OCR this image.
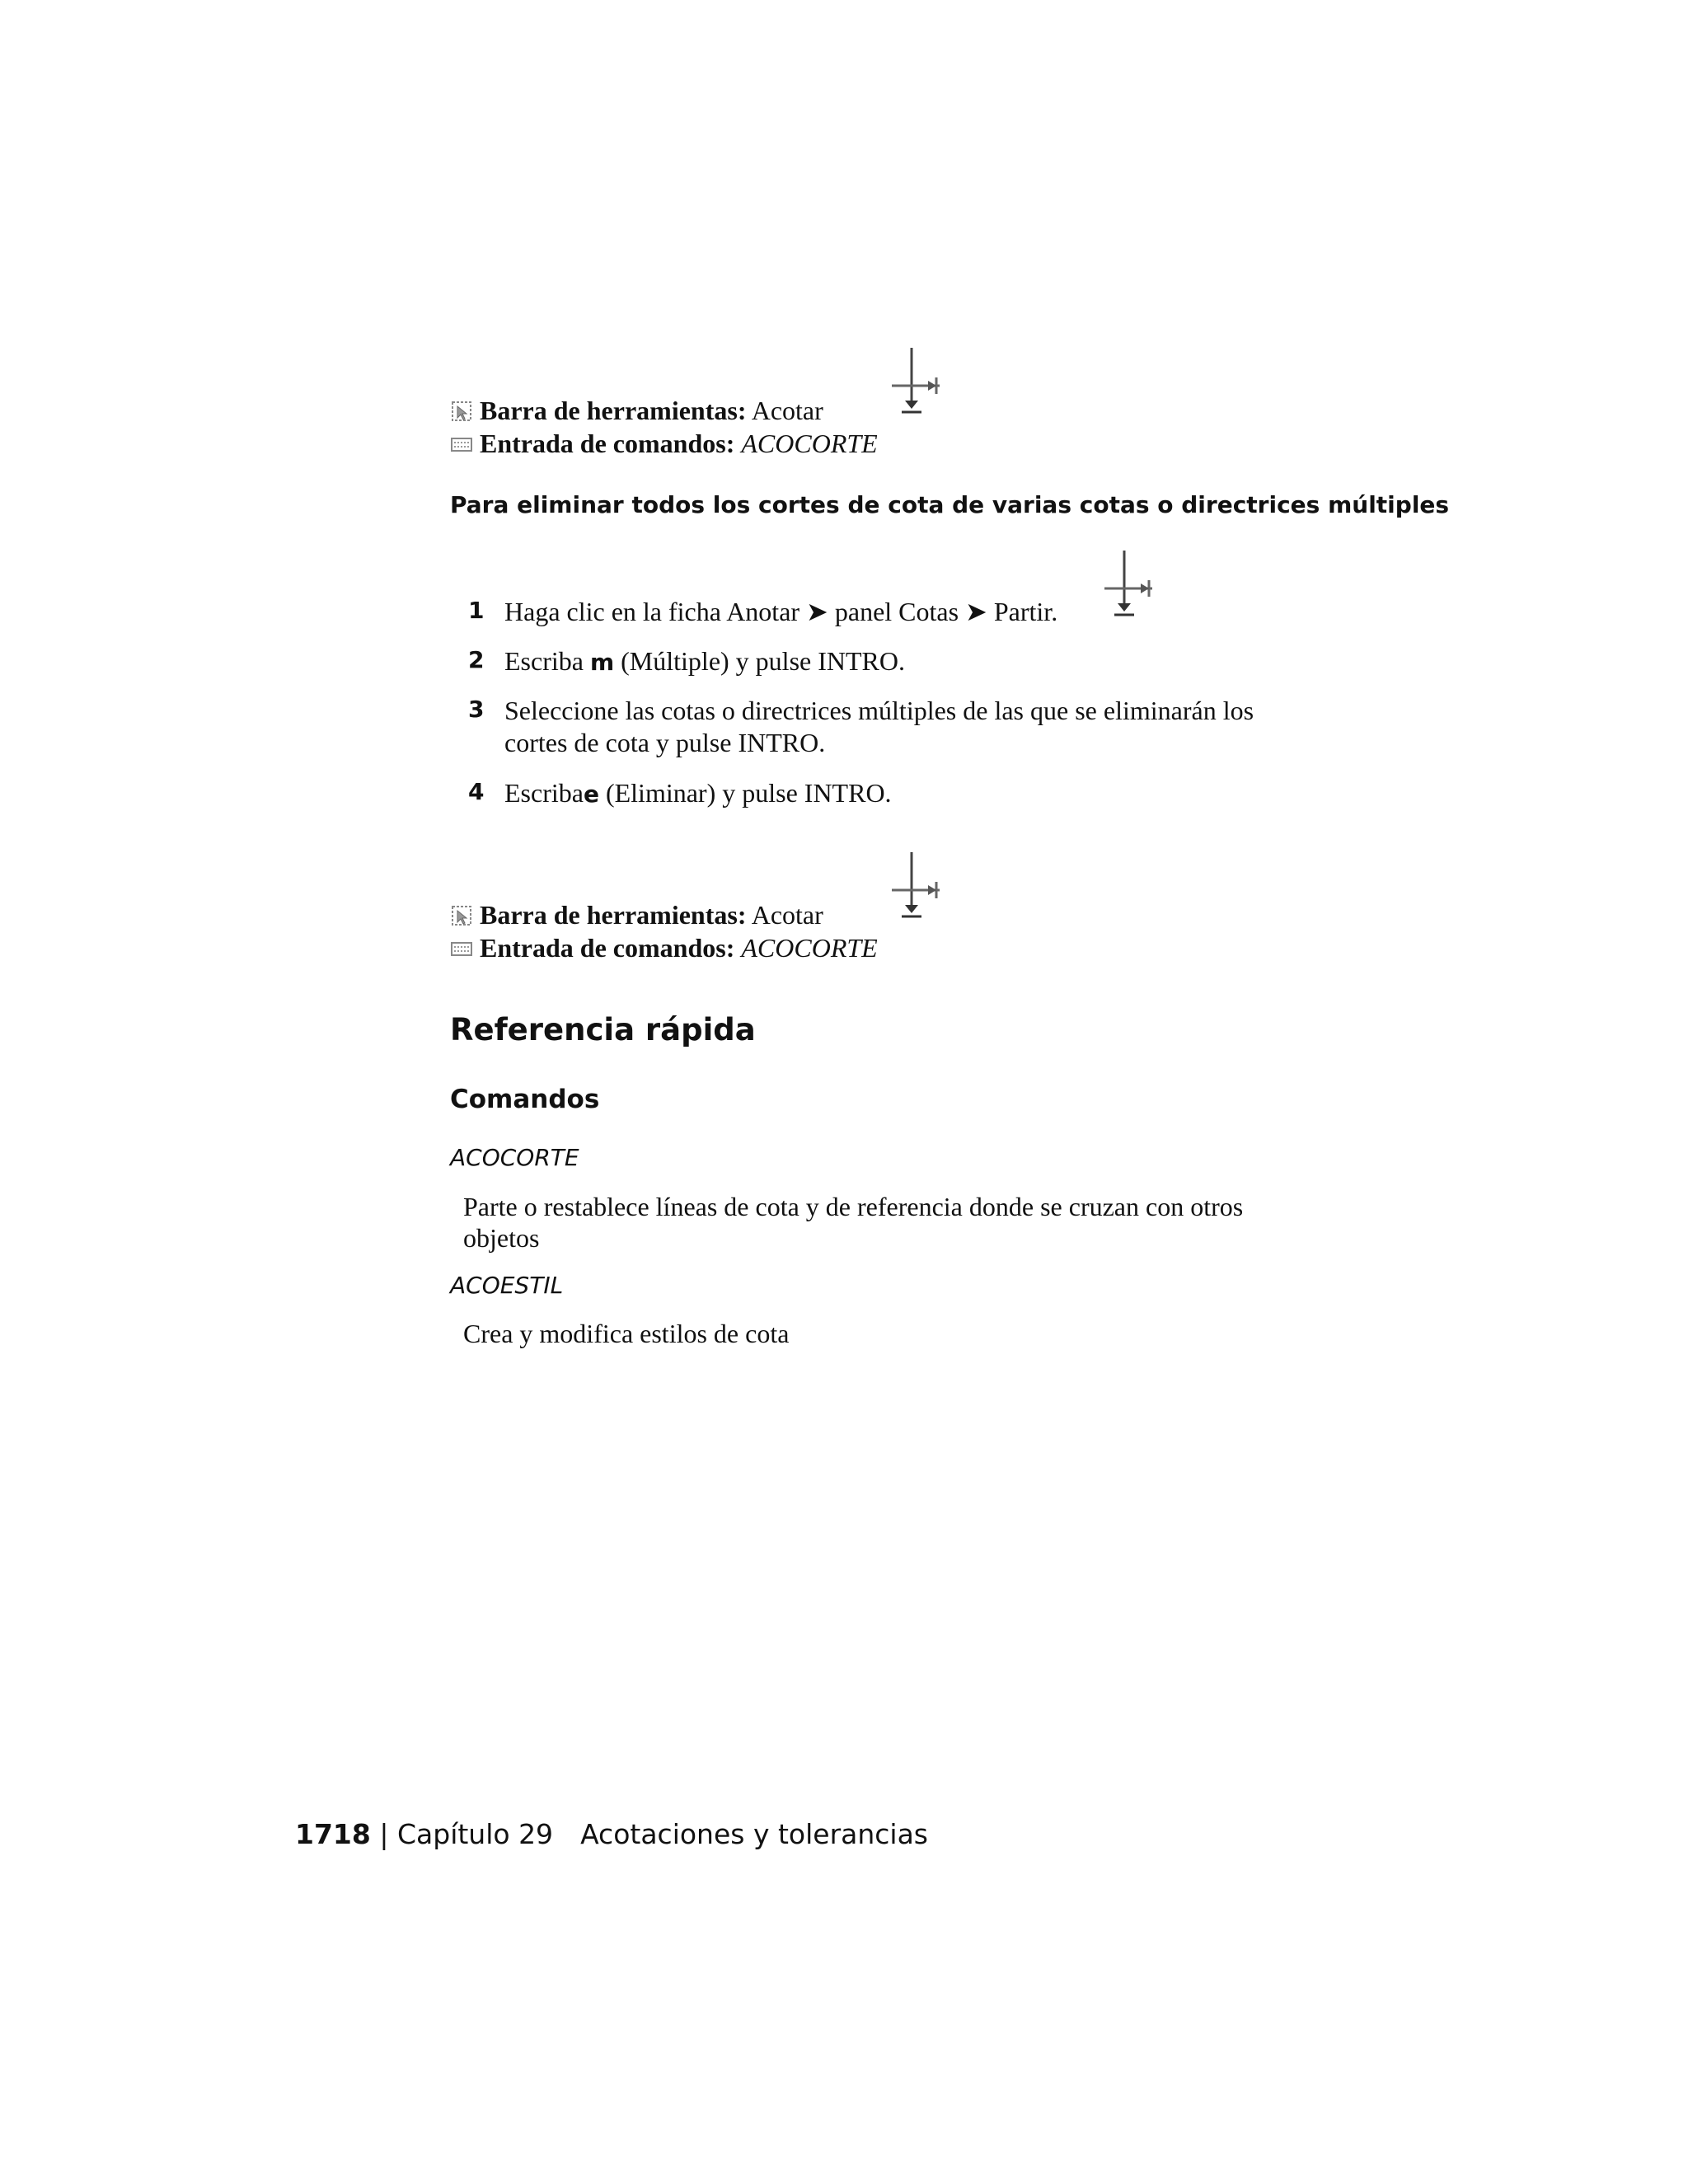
Barra de herramientas: Acotar
Entrada de comandos: ACOCORTE
Para eliminar todos los cortes de cota de varias cotas o directrices múltiples
1 Haga clic en la ficha Anotar ➤ panel Cotas ➤ Partir.
2 Escriba m (Múltiple) y pulse INTRO.
3 Seleccione las cotas o directrices múltiples de las que se eliminarán los
cortes de cota y pulse INTRO.
4 Escribae (Eliminar) y pulse INTRO.
Barra de herramientas: Acotar
Entrada de comandos: ACOCORTE
Referencia rápida
Comandos
ACOCORTE
Parte o restablece líneas de cota y de referencia donde se cruzan con otros
objetos
ACOESTIL
Crea y modifica estilos de cota
1718 | Capítulo 29 Acotaciones y tolerancias
